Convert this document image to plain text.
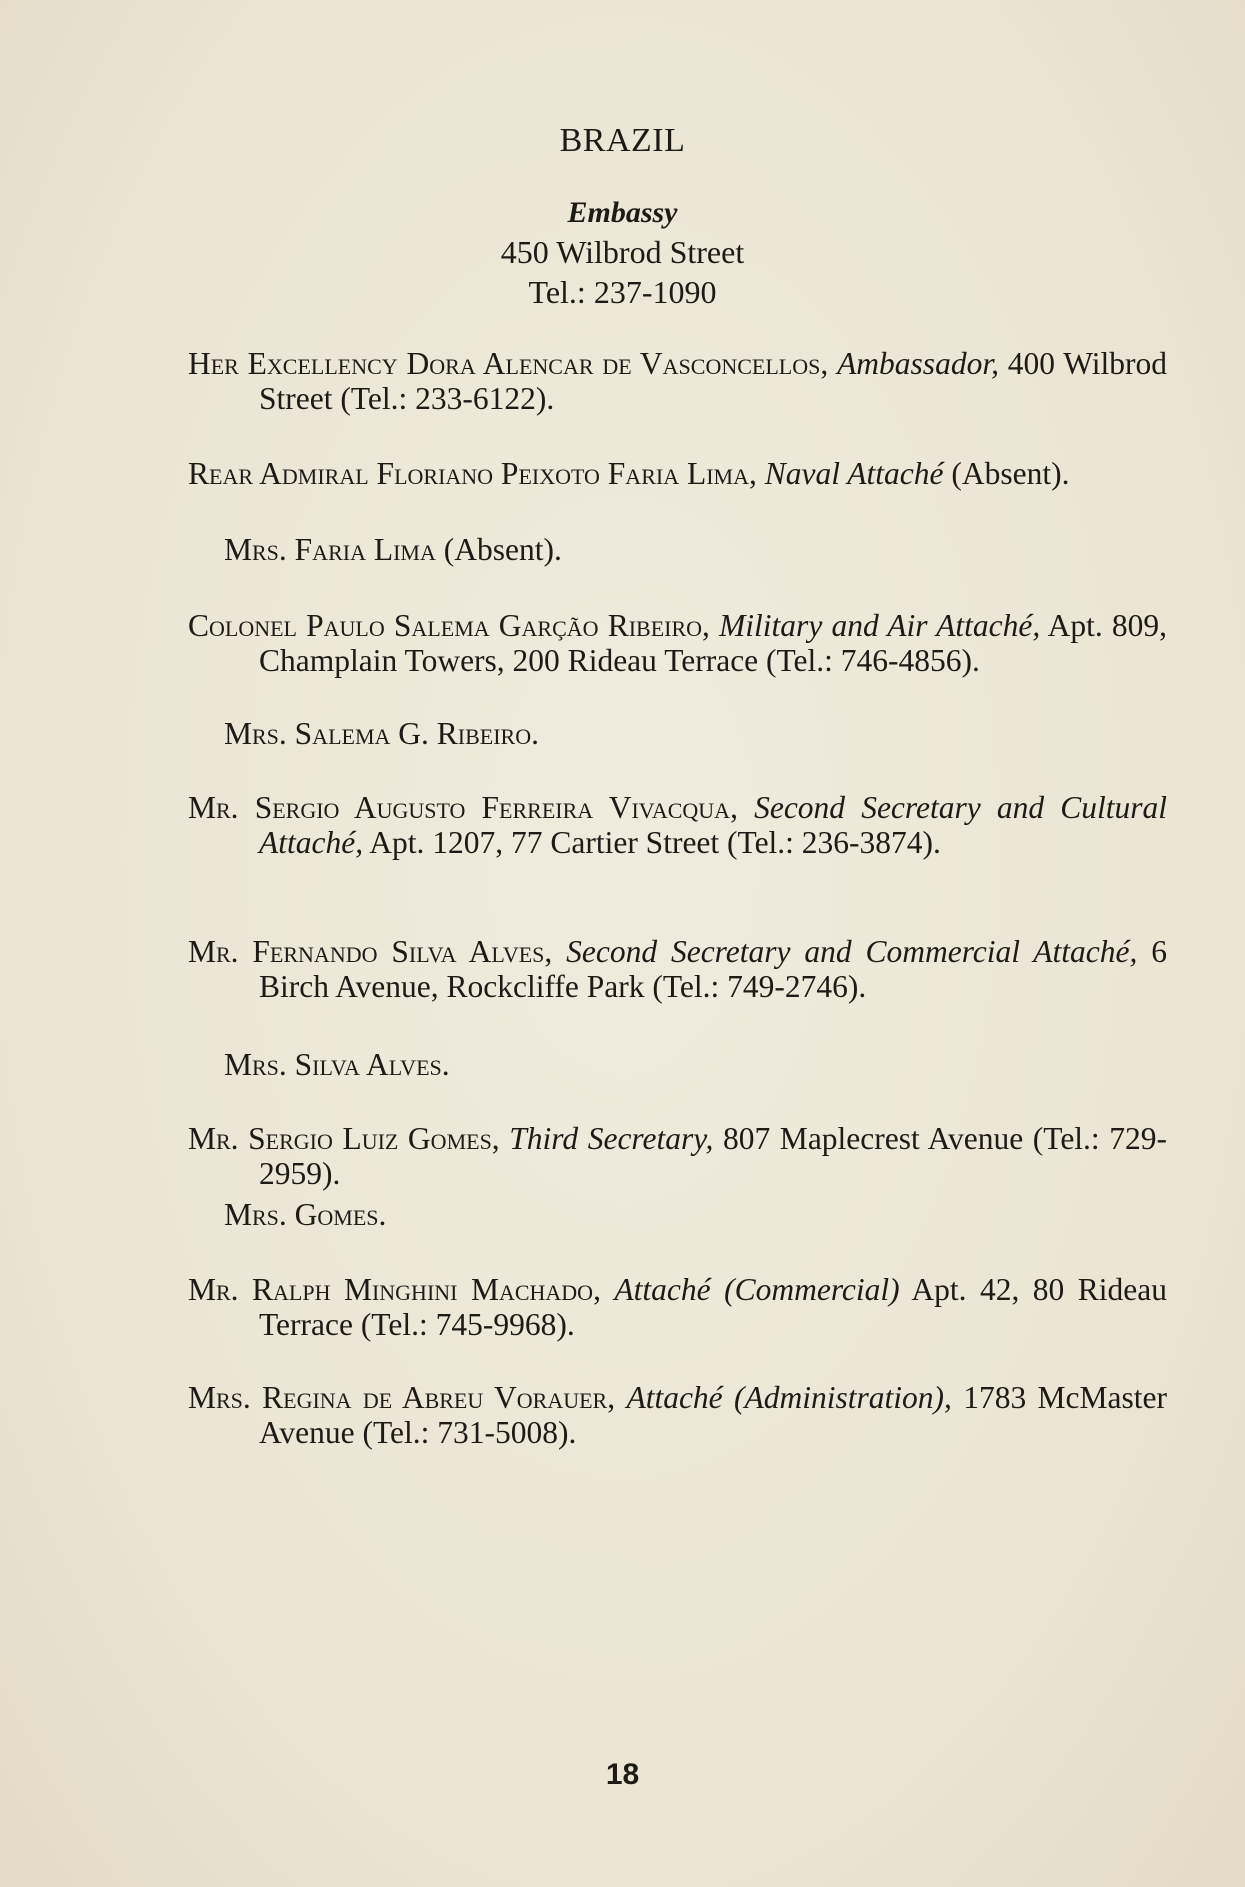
BRAZIL
Embassy
450 Wilbrod Street
Tel.: 237-1090
Her Excellency Dora Alencar de Vasconcellos, Ambassador, 400 Wilbrod Street (Tel.: 233-6122).
Rear Admiral Floriano Peixoto Faria Lima, Naval Attaché (Absent).
Mrs. Faria Lima (Absent).
Colonel Paulo Salema Garção Ribeiro, Military and Air Attaché, Apt. 809, Champlain Towers, 200 Rideau Terrace (Tel.: 746-4856).
Mrs. Salema G. Ribeiro.
Mr. Sergio Augusto Ferreira Vivacqua, Second Secretary and Cultural Attaché, Apt. 1207, 77 Cartier Street (Tel.: 236-3874).
Mr. Fernando Silva Alves, Second Secretary and Commercial Attaché, 6 Birch Avenue, Rockcliffe Park (Tel.: 749-2746).
Mrs. Silva Alves.
Mr. Sergio Luiz Gomes, Third Secretary, 807 Maplecrest Avenue (Tel.: 729-2959).
Mrs. Gomes.
Mr. Ralph Minghini Machado, Attaché (Commercial) Apt. 42, 80 Rideau Terrace (Tel.: 745-9968).
Mrs. Regina de Abreu Vorauer, Attaché (Administration), 1783 McMaster Avenue (Tel.: 731-5008).
18
